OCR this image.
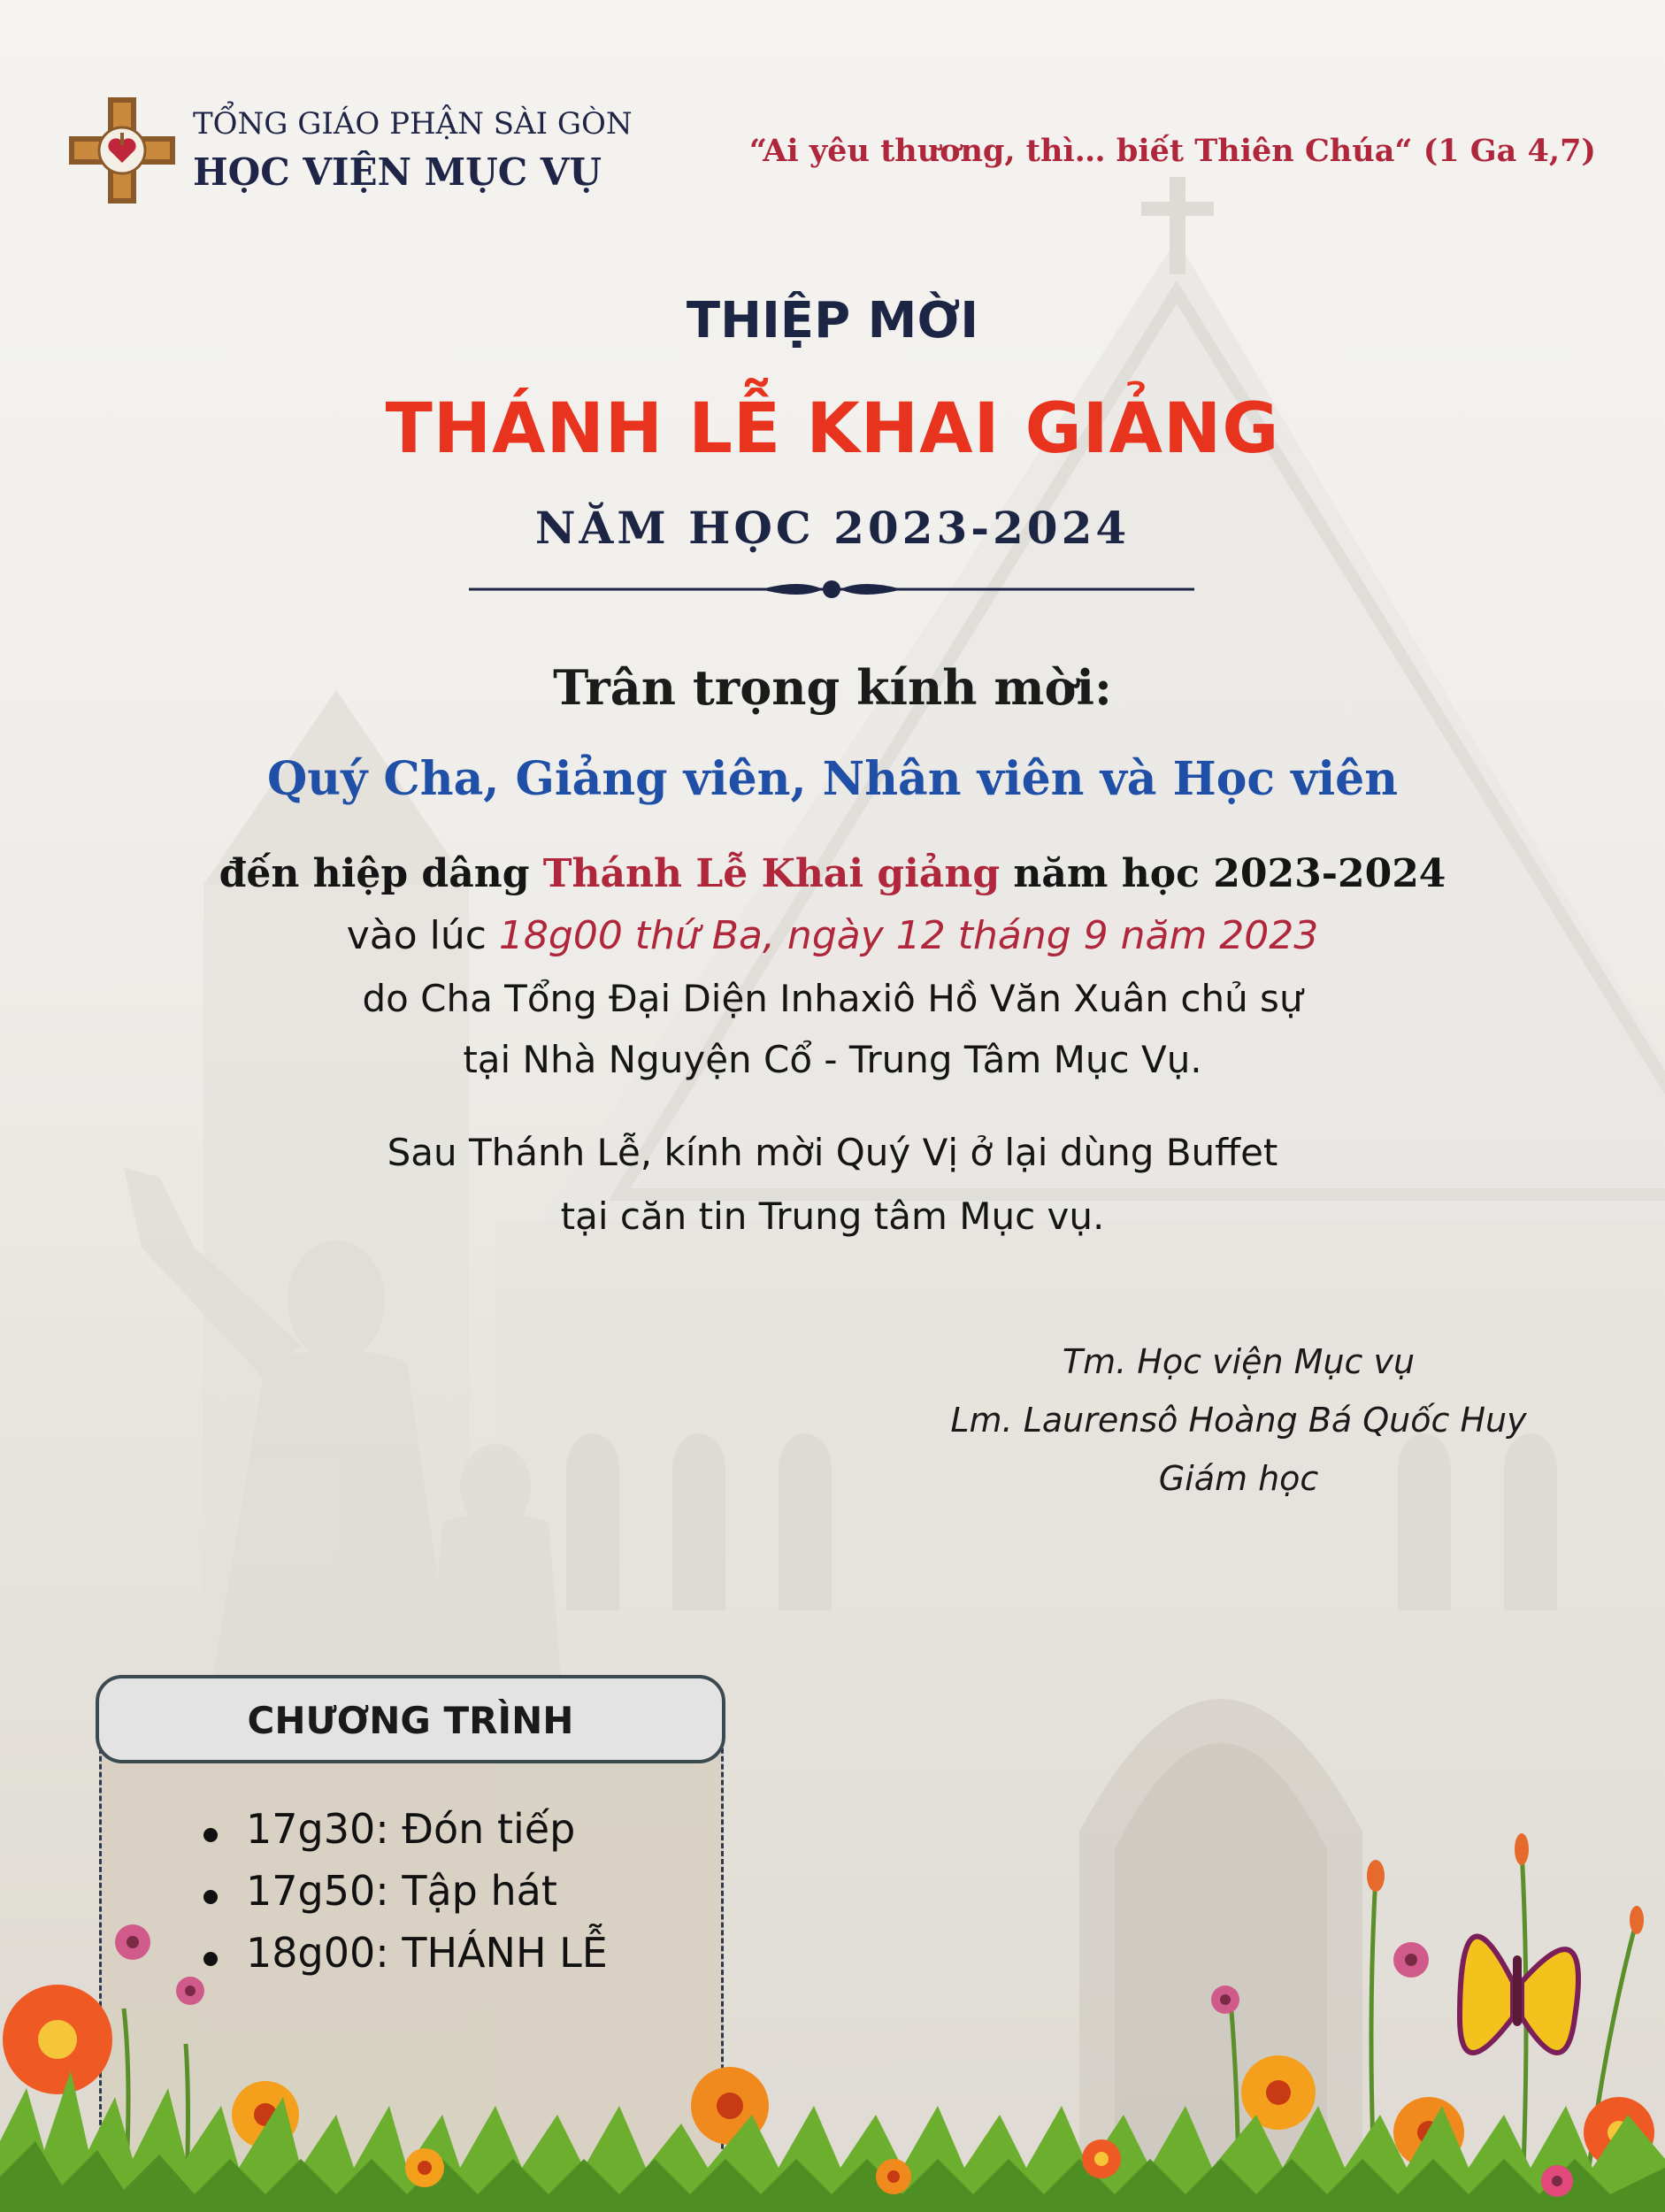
TỔNG GIÁO PHẬN SÀI GÒN
HỌC VIỆN MỤC VỤ	“Ai yêu thương, thì… biết Thiên Chúa“ (1 Ga 4,7)
THIỆP MỜI
THÁNH LỄ KHAI GIẢNG
NĂM HỌC 2023-2024
Trân trọng kính mời:
Quý Cha, Giảng viên, Nhân viên và Học viên
đến hiệp dâng Thánh Lễ Khai giảng năm học 2023-2024
vào lúc 18g00 thứ Ba, ngày 12 tháng 9 năm 2023
do Cha Tổng Đại Diện Inhaxiô Hồ Văn Xuân chủ sự
tại Nhà Nguyện Cổ - Trung Tâm Mục Vụ.
Sau Thánh Lễ, kính mời Quý Vị ở lại dùng Buffet
tại căn tin Trung tâm Mục vụ.
Tm. Học viện Mục vụ
Lm. Laurensô Hoàng Bá Quốc Huy
Giám học
CHƯƠNG TRÌNH
17g30: Đón tiếp
17g50: Tập hát
18g00: THÁNH LỄ
